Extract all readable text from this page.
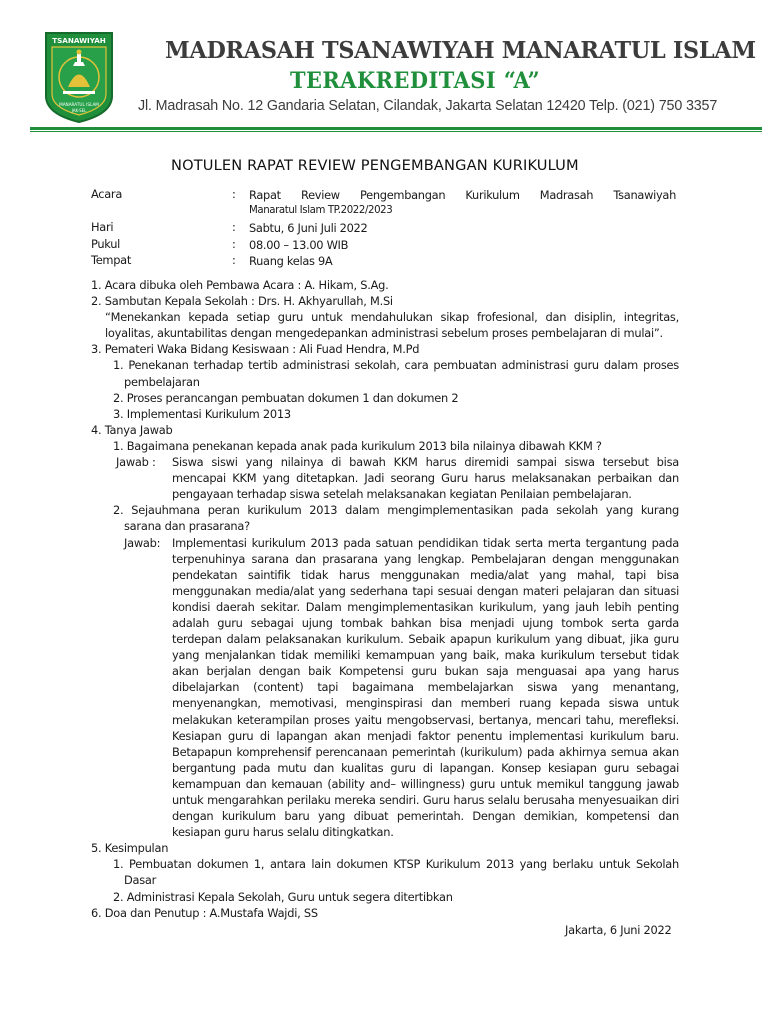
TSANAWIYAH
MANARATUL ISLAM
JAK-SEL
MADRASAH TSANAWIYAH MANARATUL ISLAM
TERAKREDITASI “A”
Jl. Madrasah No. 12 Gandaria Selatan, Cilandak, Jakarta Selatan 12420 Telp. (021) 750 3357
NOTULEN RAPAT REVIEW PENGEMBANGAN KURIKULUM
Acara	: Rapat Review Pengembangan Kurikulum Madrasah Tsanawiyah
Manaratul Islam TP.2022/2023
Hari	: Sabtu, 6 Juni Juli 2022
Pukul	: 08.00 – 13.00 WIB
Tempat	: Ruang kelas 9A
1. Acara dibuka oleh Pembawa Acara : A. Hikam, S.Ag.
2. Sambutan Kepala Sekolah : Drs. H. Akhyarullah, M.Si
“Menekankan kepada setiap guru untuk mendahulukan sikap frofesional, dan disiplin, integritas,
loyalitas, akuntabilitas dengan mengedepankan administrasi sebelum proses pembelajaran di mulai”.
3. Pemateri Waka Bidang Kesiswaan : Ali Fuad Hendra, M.Pd
1. Penekanan terhadap tertib administrasi sekolah, cara pembuatan administrasi guru dalam proses
pembelajaran
2. Proses perancangan pembuatan dokumen 1 dan dokumen 2
3. Implementasi Kurikulum 2013
4. Tanya Jawab
1. Bagaimana penekanan kepada anak pada kurikulum 2013 bila nilainya dibawah KKM ?
Jawab : Siswa siswi yang nilainya di bawah KKM harus diremidi sampai siswa tersebut bisa
mencapai KKM yang ditetapkan. Jadi seorang Guru harus melaksanakan perbaikan dan
pengayaan terhadap siswa setelah melaksanakan kegiatan Penilaian pembelajaran.
2. Sejauhmana peran kurikulum 2013 dalam mengimplementasikan pada sekolah yang kurang
sarana dan prasarana?
Jawab: Implementasi kurikulum 2013 pada satuan pendidikan tidak serta merta tergantung pada
terpenuhinya sarana dan prasarana yang lengkap. Pembelajaran dengan menggunakan
pendekatan saintifik tidak harus menggunakan media/alat yang mahal, tapi bisa
menggunakan media/alat yang sederhana tapi sesuai dengan materi pelajaran dan situasi
kondisi daerah sekitar. Dalam mengimplementasikan kurikulum, yang jauh lebih penting
adalah guru sebagai ujung tombak bahkan bisa menjadi ujung tombok serta garda
terdepan dalam pelaksanakan kurikulum. Sebaik apapun kurikulum yang dibuat, jika guru
yang menjalankan tidak memiliki kemampuan yang baik, maka kurikulum tersebut tidak
akan berjalan dengan baik Kompetensi guru bukan saja menguasai apa yang harus
dibelajarkan (content) tapi bagaimana membelajarkan siswa yang menantang,
menyenangkan, memotivasi, menginspirasi dan memberi ruang kepada siswa untuk
melakukan keterampilan proses yaitu mengobservasi, bertanya, mencari tahu, merefleksi.
Kesiapan guru di lapangan akan menjadi faktor penentu implementasi kurikulum baru.
Betapapun komprehensif perencanaan pemerintah (kurikulum) pada akhirnya semua akan
bergantung pada mutu dan kualitas guru di lapangan. Konsep kesiapan guru sebagai
kemampuan dan kemauan (ability and– willingness) guru untuk memikul tanggung jawab
untuk mengarahkan perilaku mereka sendiri. Guru harus selalu berusaha menyesuaikan diri
dengan kurikulum baru yang dibuat pemerintah. Dengan demikian, kompetensi dan
kesiapan guru harus selalu ditingkatkan.
5. Kesimpulan
1. Pembuatan dokumen 1, antara lain dokumen KTSP Kurikulum 2013 yang berlaku untuk Sekolah
Dasar
2. Administrasi Kepala Sekolah, Guru untuk segera ditertibkan
6. Doa dan Penutup : A.Mustafa Wajdi, SS
Jakarta, 6 Juni 2022
